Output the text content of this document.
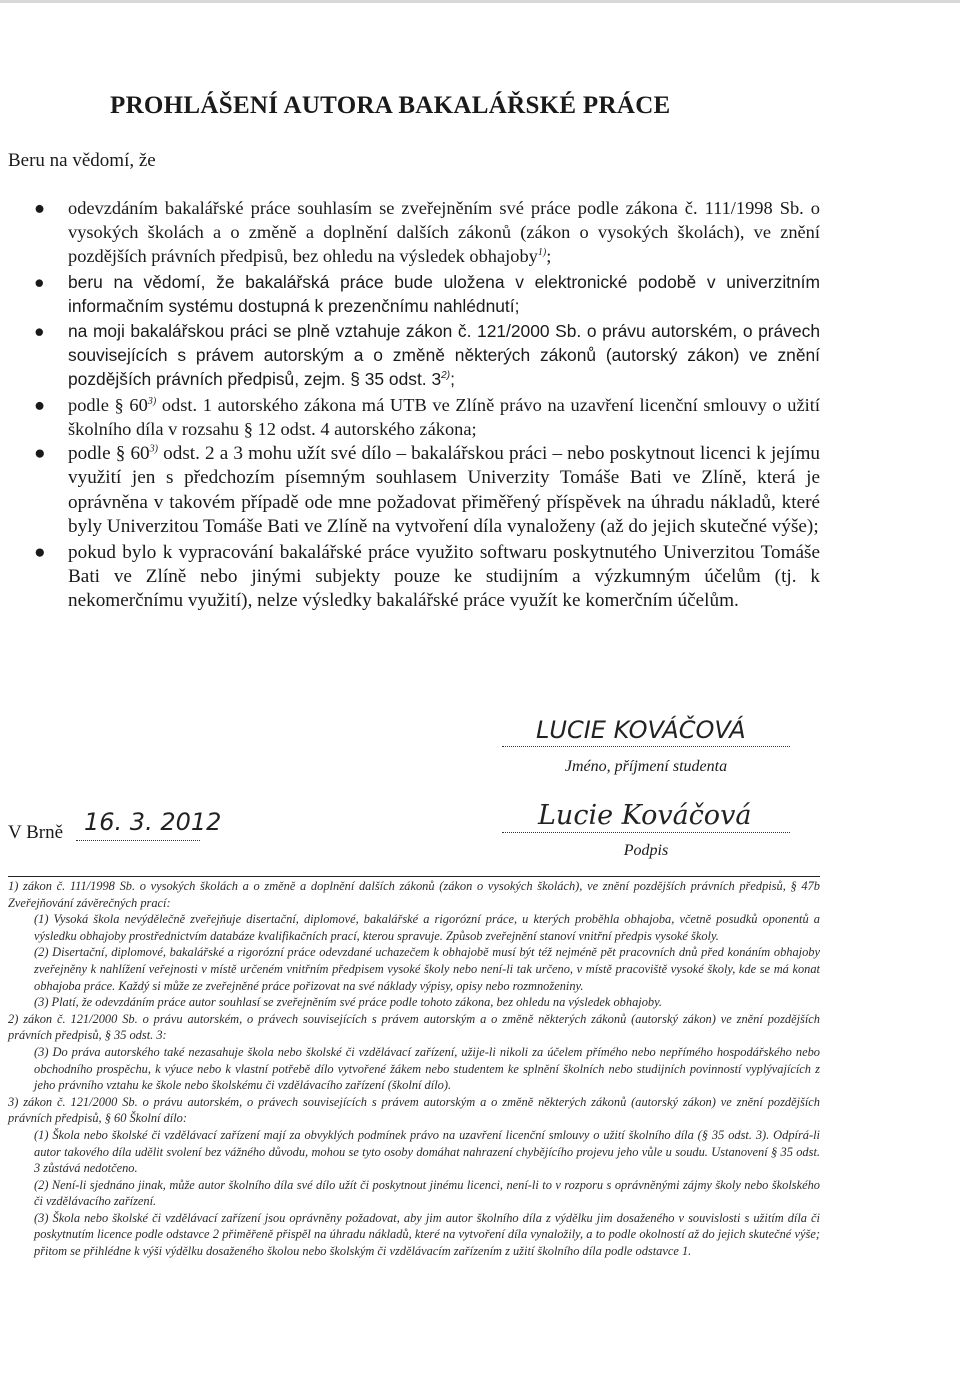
PROHLÁŠENÍ AUTORA BAKALÁŘSKÉ PRÁCE
Beru na vědomí, že
● odevzdáním bakalářské práce souhlasím se zveřejněním své práce podle zákona č. 111/1998 Sb. o vysokých školách a o změně a doplnění dalších zákonů (zákon o vysokých školách), ve znění pozdějších právních předpisů, bez ohledu na výsledek obhajoby$^{1)}$;
● beru na vědomí, že bakalářská práce bude uložena v elektronické podobě v univerzitním informačním systému dostupná k prezenčnímu nahlédnutí;
● na moji bakalářskou práci se plně vztahuje zákon č. 121/2000 Sb. o právu autorském, o právech souvisejících s právem autorským a o změně některých zákonů (autorský zákon) ve znění pozdějších právních předpisů, zejm. § 35 odst. 3$^{2)}$;
● podle § 60$^{3)}$ odst. 1 autorského zákona má UTB ve Zlíně právo na uzavření licenční smlouvy o užití školního díla v rozsahu § 12 odst. 4 autorského zákona;
● podle § 60$^{3)}$ odst. 2 a 3 mohu užít své dílo – bakalářskou práci – nebo poskytnout licenci k jejímu využití jen s předchozím písemným souhlasem Univerzity Tomáše Bati ve Zlíně, která je oprávněna v takovém případě ode mne požadovat přiměřený příspěvek na úhradu nákladů, které byly Univerzitou Tomáše Bati ve Zlíně na vytvoření díla vynaloženy (až do jejich skutečné výše);
● pokud bylo k vypracování bakalářské práce využito softwaru poskytnutého Univerzitou Tomáše Bati ve Zlíně nebo jinými subjekty pouze ke studijním a výzkumným účelům (tj. k nekomerčnímu využití), nelze výsledky bakalářské práce využít ke komerčním účelům.
LUCIE KOVÁČOVÁ
Jméno, příjmení studenta
Lucie Kováčová
Podpis
V Brně 16. 3. 2012

1) zákon č. 111/1998 Sb. o vysokých školách a o změně a doplnění dalších zákonů (zákon o vysokých školách), ve znění pozdějších právních předpisů, § 47b Zveřejňování závěrečných prací:

(1) Vysoká škola nevýdělečně zveřejňuje disertační, diplomové, bakalářské a rigorózní práce, u kterých proběhla obhajoba, včetně posudků oponentů a výsledku obhajoby prostřednictvím databáze kvalifikačních prací, kterou spravuje. Způsob zveřejnění stanoví vnitřní předpis vysoké školy.

(2) Disertační, diplomové, bakalářské a rigorózní práce odevzdané uchazečem k obhajobě musí být též nejméně pět pracovních dnů před konáním obhajoby zveřejněny k nahlížení veřejnosti v místě určeném vnitřním předpisem vysoké školy nebo není-li tak určeno, v místě pracoviště vysoké školy, kde se má konat obhajoba práce. Každý si může ze zveřejněné práce pořizovat na své náklady výpisy, opisy nebo rozmnoženiny.

(3) Platí, že odevzdáním práce autor souhlasí se zveřejněním své práce podle tohoto zákona, bez ohledu na výsledek obhajoby.

2) zákon č. 121/2000 Sb. o právu autorském, o právech souvisejících s právem autorským a o změně některých zákonů (autorský zákon) ve znění pozdějších právních předpisů, § 35 odst. 3:

(3) Do práva autorského také nezasahuje škola nebo školské či vzdělávací zařízení, užije-li nikoli za účelem přímého nebo nepřímého hospodářského nebo obchodního prospěchu, k výuce nebo k vlastní potřebě dílo vytvořené žákem nebo studentem ke splnění školních nebo studijních povinností vyplývajících z jeho právního vztahu ke škole nebo školskému či vzdělávacího zařízení (školní dílo).

3) zákon č. 121/2000 Sb. o právu autorském, o právech souvisejících s právem autorským a o změně některých zákonů (autorský zákon) ve znění pozdějších právních předpisů, § 60 Školní dílo:

(1) Škola nebo školské či vzdělávací zařízení mají za obvyklých podmínek právo na uzavření licenční smlouvy o užití školního díla (§ 35 odst. 3). Odpírá-li autor takového díla udělit svolení bez vážného důvodu, mohou se tyto osoby domáhat nahrazení chybějícího projevu jeho vůle u soudu. Ustanovení § 35 odst. 3 zůstává nedotčeno.

(2) Není-li sjednáno jinak, může autor školního díla své dílo užít či poskytnout jinému licenci, není-li to v rozporu s oprávněnými zájmy školy nebo školského či vzdělávacího zařízení.

(3) Škola nebo školské či vzdělávací zařízení jsou oprávněny požadovat, aby jim autor školního díla z výdělku jim dosaženého v souvislosti s užitím díla či poskytnutím licence podle odstavce 2 přiměřeně přispěl na úhradu nákladů, které na vytvoření díla vynaložily, a to podle okolností až do jejich skutečné výše; přitom se přihlédne k výši výdělku dosaženého školou nebo školským či vzdělávacím zařízením z užití školního díla podle odstavce 1.
